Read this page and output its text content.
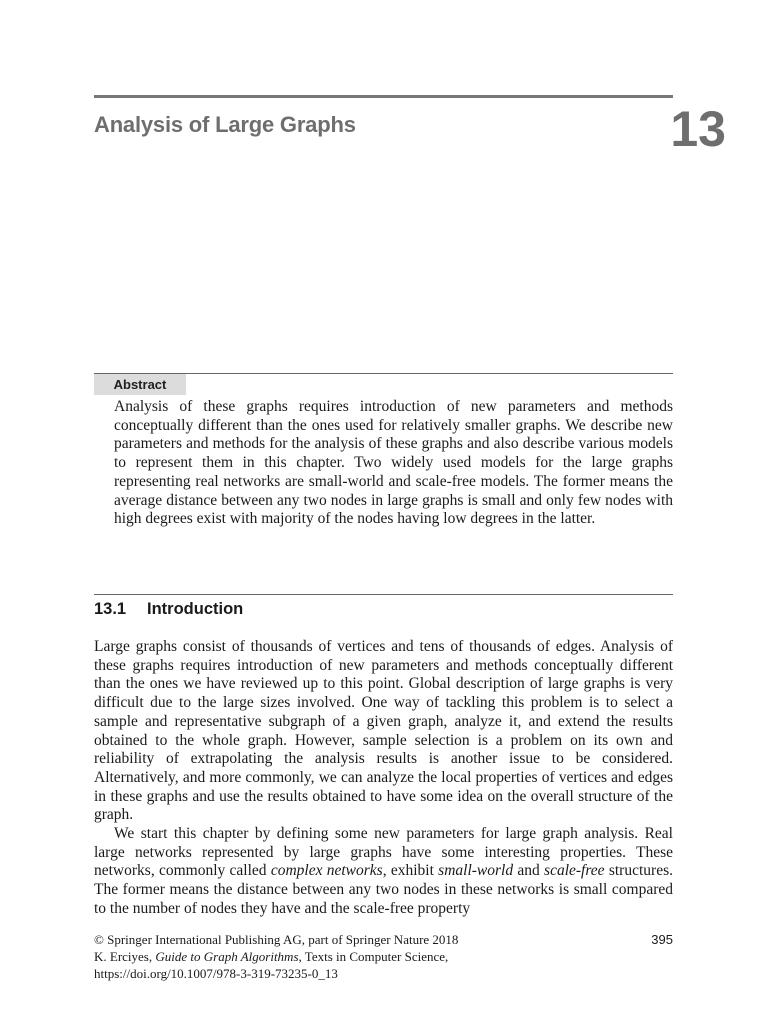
Analysis of Large Graphs	13
Abstract

Analysis of these graphs requires introduction of new parameters and methods conceptually different than the ones used for relatively smaller graphs. We describe new parameters and methods for the analysis of these graphs and also describe various models to represent them in this chapter. Two widely used models for the large graphs representing real networks are small-world and scale-free models. The former means the average distance between any two nodes in large graphs is small and only few nodes with high degrees exist with majority of the nodes having low degrees in the latter.

13.1 Introduction

Large graphs consist of thousands of vertices and tens of thousands of edges. Analysis of these graphs requires introduction of new parameters and methods conceptually different than the ones we have reviewed up to this point. Global description of large graphs is very difficult due to the large sizes involved. One way of tackling this problem is to select a sample and representative subgraph of a given graph, analyze it, and extend the results obtained to the whole graph. However, sample selection is a problem on its own and reliability of extrapolating the analysis results is another issue to be considered. Alternatively, and more commonly, we can analyze the local properties of vertices and edges in these graphs and use the results obtained to have some idea on the overall structure of the graph.

We start this chapter by defining some new parameters for large graph analysis. Real large networks represented by large graphs have some interesting properties. These networks, commonly called complex networks, exhibit small-world and scale-free structures. The former means the distance between any two nodes in these networks is small compared to the number of nodes they have and the scale-free property

© Springer International Publishing AG, part of Springer Nature 2018	395
K. Erciyes, Guide to Graph Algorithms, Texts in Computer Science,
https://doi.org/10.1007/978-3-319-73235-0_13
